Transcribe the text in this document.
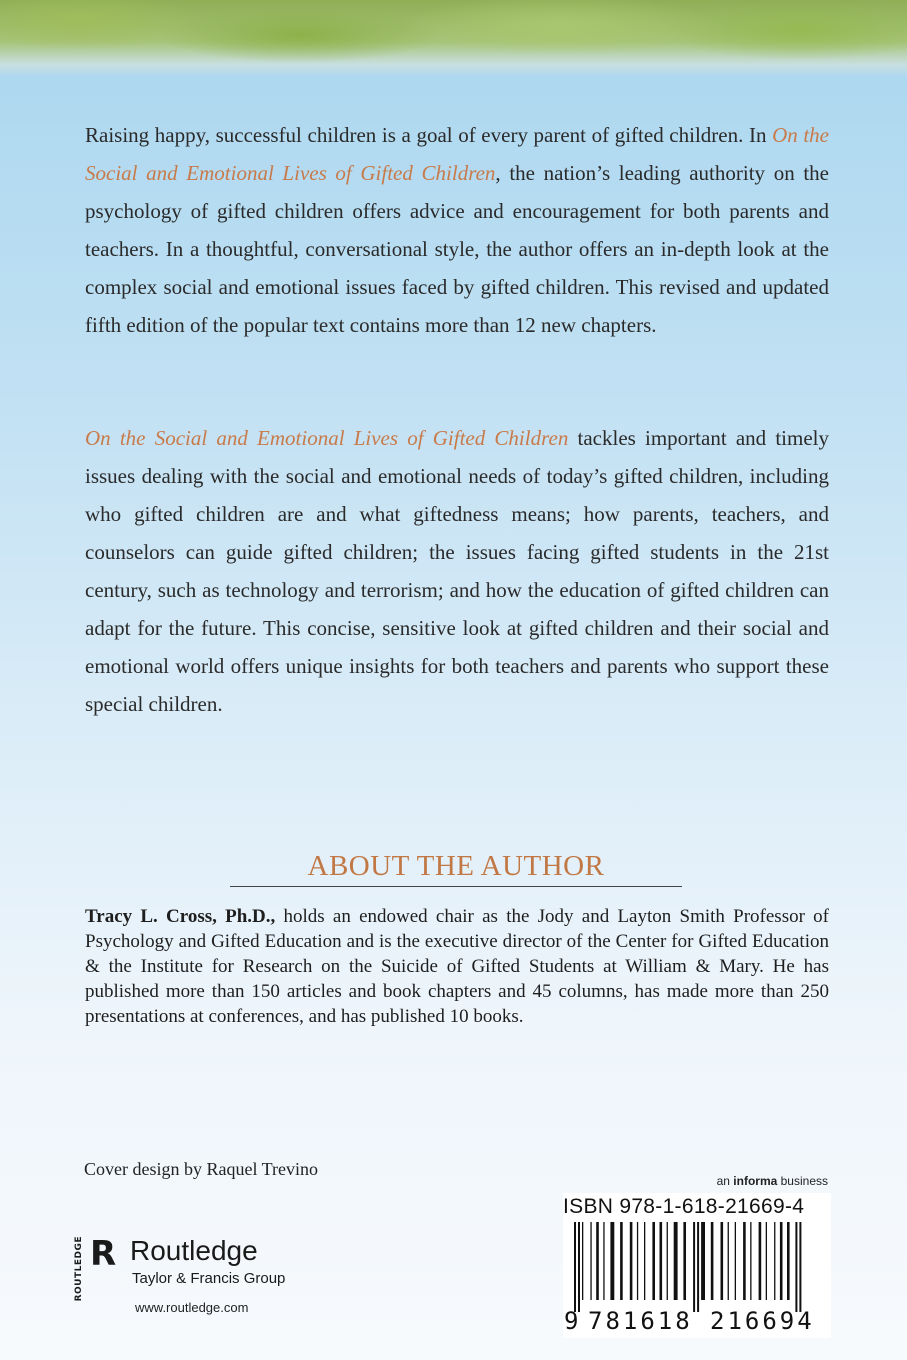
Raising happy, successful children is a goal of every parent of gifted children. In On the Social and Emotional Lives of Gifted Children, the nation’s leading authority on the psychology of gifted children offers advice and encouragement for both parents and teachers. In a thoughtful, conversational style, the author offers an in-depth look at the complex social and emotional issues faced by gifted children. This revised and updated fifth edition of the popular text contains more than 12 new chapters.

On the Social and Emotional Lives of Gifted Children tackles important and timely issues dealing with the social and emotional needs of today’s gifted children, including who gifted children are and what giftedness means; how parents, teachers, and counselors can guide gifted children; the issues facing gifted students in the 21st century, such as technology and terrorism; and how the education of gifted children can adapt for the future. This concise, sensitive look at gifted children and their social and emotional world offers unique insights for both teachers and parents who support these special children.

ABOUT THE AUTHOR

Tracy L. Cross, Ph.D., holds an endowed chair as the Jody and Layton Smith Professor of Psychology and Gifted Education and is the executive director of the Center for Gifted Education & the Institute for Research on the Suicide of Gifted Students at William & Mary. He has published more than 150 articles and book chapters and 45 columns, has made more than 250 presentations at conferences, and has published 10 books.

Cover design by Raquel Trevino
ROUTLEDGE R Routledge
Taylor & Francis Group
www.routledge.com
an informa business
ISBN 978-1-618-21669-4
9 781618 216694
